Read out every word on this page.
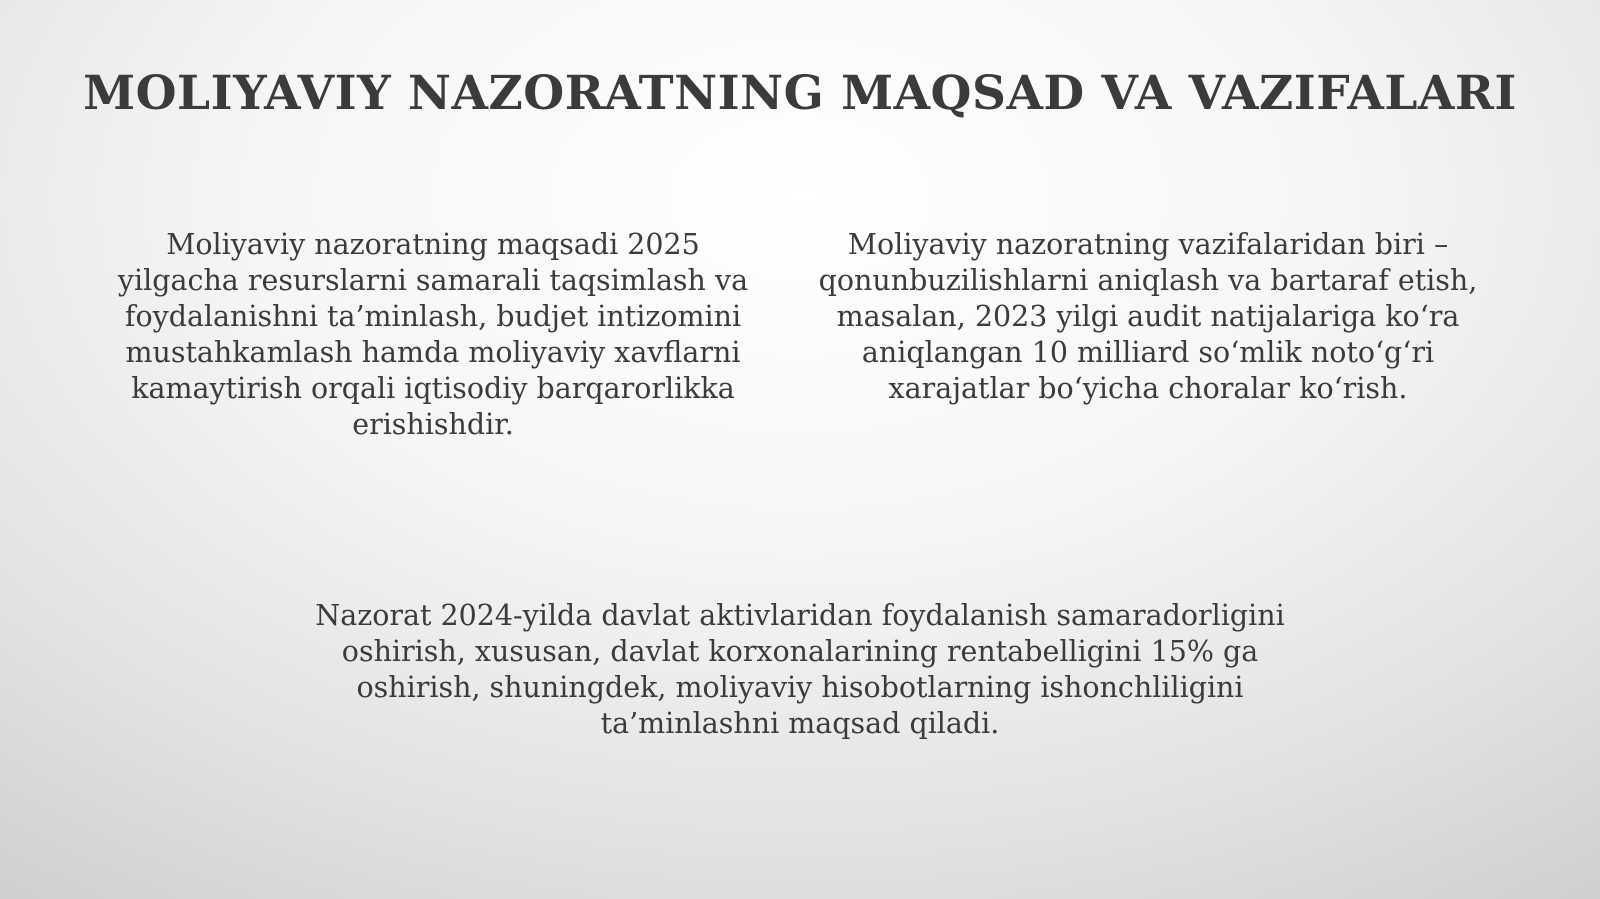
MOLIYAVIY NAZORATNING MAQSAD VA VAZIFALARI

Moliyaviy nazoratning maqsadi 2025 yilgacha resurslarni samarali taqsimlash va foydalanishni ta’minlash, budjet intizomini mustahkamlash hamda moliyaviy xavflarni kamaytirish orqali iqtisodiy barqarorlikka erishishdir.

Moliyaviy nazoratning vazifalaridan biri – qonunbuzilishlarni aniqlash va bartaraf etish, masalan, 2023 yilgi audit natijalariga ko‘ra aniqlangan 10 milliard so‘mlik noto‘g‘ri xarajatlar bo‘yicha choralar ko‘rish.

Nazorat 2024-yilda davlat aktivlaridan foydalanish samaradorligini oshirish, xususan, davlat korxonalarining rentabelligini 15% ga oshirish, shuningdek, moliyaviy hisobotlarning ishonchliligini ta’minlashni maqsad qiladi.
